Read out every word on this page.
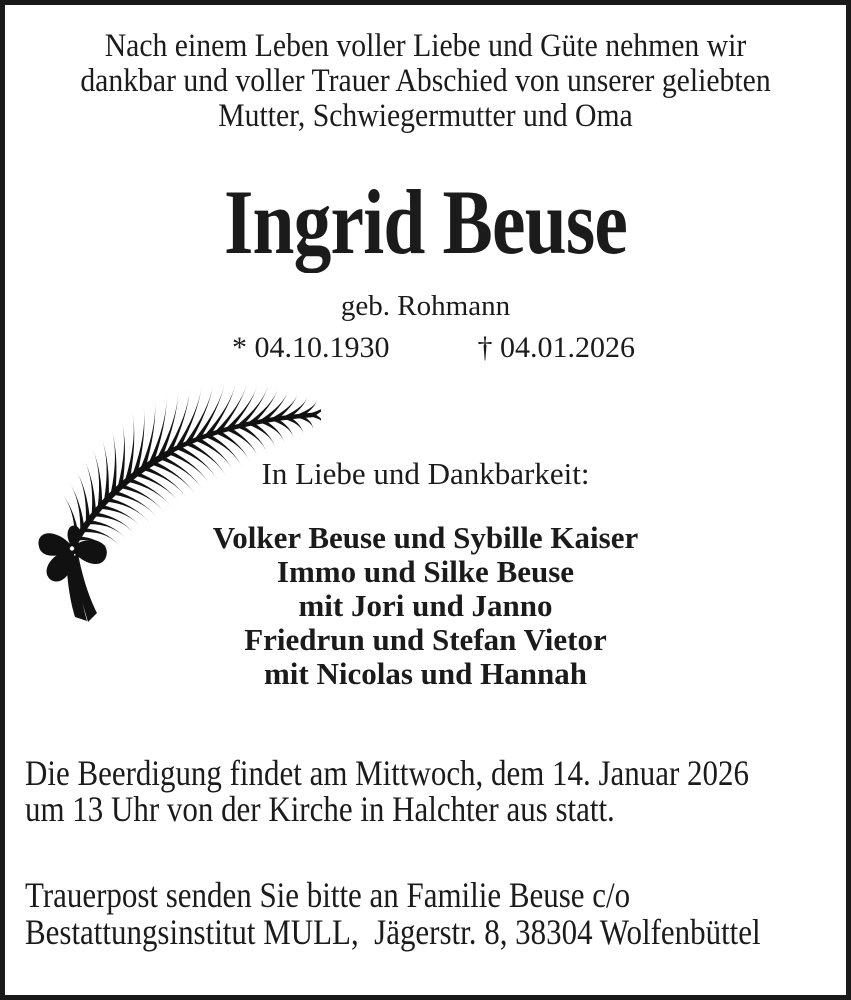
Nach einem Leben voller Liebe und Güte nehmen wir
dankbar und voller Trauer Abschied von unserer geliebten
Mutter, Schwiegermutter und Oma
Ingrid Beuse
geb. Rohmann
* 04.10.1930	† 04.01.2026
In Liebe und Dankbarkeit:
Volker Beuse und Sybille Kaiser
Immo und Silke Beuse
mit Jori und Janno
Friedrun und Stefan Vietor
mit Nicolas und Hannah
Die Beerdigung findet am Mittwoch, dem 14. Januar 2026
um 13 Uhr von der Kirche in Halchter aus statt.
Trauerpost senden Sie bitte an Familie Beuse c/o
Bestattungsinstitut MULL,  Jägerstr. 8, 38304 Wolfenbüttel
